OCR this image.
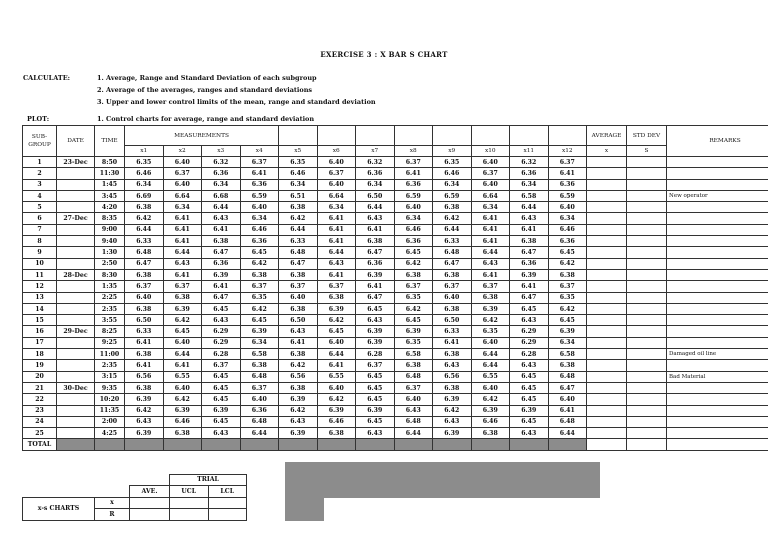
EXERCISE 3 : X BAR S CHART
CALCULATE:	1. Average, Range and Standard Deviation of each subgroup
2. Average of the averages, ranges and standard deviations
3. Upper and lower control limits of the mean, range and standard deviation
PLOT:	1. Control charts for average, range and standard deviation
SUB-GROUP	DATE	TIME	MEASUREMENTS												AVERAGE	STD DEV	REMARKS
			x1	x2	x3	x4	x5	x6	x7	x8	x9	x10	x11	x12	x	S	
1	23-Dec	8:50	6.35	6.40	6.32	6.37	6.35	6.40	6.32	6.37	6.35	6.40	6.32	6.37			
2		11:30	6.46	6.37	6.36	6.41	6.46	6.37	6.36	6.41	6.46	6.37	6.36	6.41			
3		1:45	6.34	6.40	6.34	6.36	6.34	6.40	6.34	6.36	6.34	6.40	6.34	6.36			
4		3:45	6.69	6.64	6.68	6.59	6.51	6.64	6.50	6.59	6.59	6.64	6.58	6.59			New operator
5		4:20	6.38	6.34	6.44	6.40	6.38	6.34	6.44	6.40	6.38	6.34	6.44	6.40			
6	27-Dec	8:35	6.42	6.41	6.43	6.34	6.42	6.41	6.43	6.34	6.42	6.41	6.43	6.34			
7		9:00	6.44	6.41	6.41	6.46	6.44	6.41	6.41	6.46	6.44	6.41	6.41	6.46			
8		9:40	6.33	6.41	6.38	6.36	6.33	6.41	6.38	6.36	6.33	6.41	6.38	6.36			
9		1:30	6.48	6.44	6.47	6.45	6.48	6.44	6.47	6.45	6.48	6.44	6.47	6.45			
10		2:50	6.47	6.43	6.36	6.42	6.47	6.43	6.36	6.42	6.47	6.43	6.36	6.42			
11	28-Dec	8:30	6.38	6.41	6.39	6.38	6.38	6.41	6.39	6.38	6.38	6.41	6.39	6.38			
12		1:35	6.37	6.37	6.41	6.37	6.37	6.37	6.41	6.37	6.37	6.37	6.41	6.37			
13		2:25	6.40	6.38	6.47	6.35	6.40	6.38	6.47	6.35	6.40	6.38	6.47	6.35			
14		2:35	6.38	6.39	6.45	6.42	6.38	6.39	6.45	6.42	6.38	6.39	6.45	6.42			
15		3:55	6.50	6.42	6.43	6.45	6.50	6.42	6.43	6.45	6.50	6.42	6.43	6.45			
16	29-Dec	8:25	6.33	6.45	6.29	6.39	6.43	6.45	6.39	6.39	6.33	6.35	6.29	6.39			
17		9:25	6.41	6.40	6.29	6.34	6.41	6.40	6.39	6.35	6.41	6.40	6.29	6.34			
18		11:00	6.38	6.44	6.28	6.58	6.38	6.44	6.28	6.58	6.38	6.44	6.28	6.58			Damaged oil line
19		2:35	6.41	6.41	6.37	6.38	6.42	6.41	6.37	6.38	6.43	6.44	6.43	6.38			
20		3:15	6.56	6.55	6.45	6.48	6.56	6.55	6.45	6.48	6.56	6.55	6.45	6.48			Bad Material
21	30-Dec	9:35	6.38	6.40	6.45	6.37	6.38	6.40	6.45	6.37	6.38	6.40	6.45	6.47			
22		10:20	6.39	6.42	6.45	6.40	6.39	6.42	6.45	6.40	6.39	6.42	6.45	6.40			
23		11:35	6.42	6.39	6.39	6.36	6.42	6.39	6.39	6.43	6.42	6.39	6.39	6.41			
24		2:00	6.43	6.46	6.45	6.48	6.43	6.46	6.45	6.48	6.43	6.46	6.45	6.48			
25		4:25	6.39	6.38	6.43	6.44	6.39	6.38	6.43	6.44	6.39	6.38	6.43	6.44			
TOTAL																	

			TRIAL				
		AVE.	UCL	LCL			
x-s CHARTS	x						
	R						
